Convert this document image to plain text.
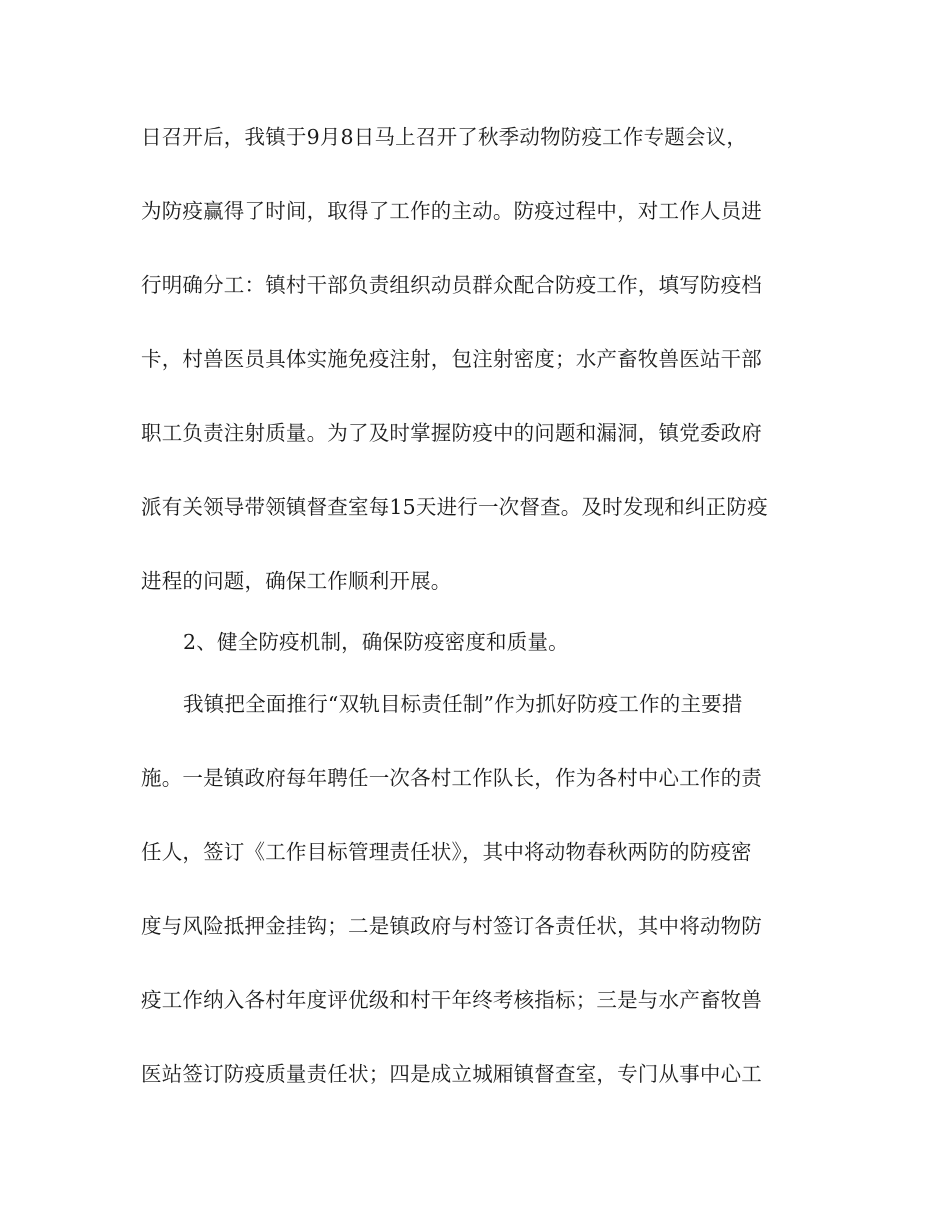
日召开后，我镇于9月8日马上召开了秋季动物防疫工作专题会议，
为防疫赢得了时间，取得了工作的主动。防疫过程中，对工作人员进
行明确分工：镇村干部负责组织动员群众配合防疫工作，填写防疫档
卡，村兽医员具体实施免疫注射，包注射密度；水产畜牧兽医站干部
职工负责注射质量。为了及时掌握防疫中的问题和漏洞，镇党委政府
派有关领导带领镇督查室每15天进行一次督查。及时发现和纠正防疫
进程的问题，确保工作顺利开展。
2、健全防疫机制，确保防疫密度和质量。
我镇把全面推行“双轨目标责任制”作为抓好防疫工作的主要措
施。一是镇政府每年聘任一次各村工作队长，作为各村中心工作的责
任人，签订《工作目标管理责任状》，其中将动物春秋两防的防疫密
度与风险抵押金挂钩；二是镇政府与村签订各责任状，其中将动物防
疫工作纳入各村年度评优级和村干年终考核指标；三是与水产畜牧兽
医站签订防疫质量责任状；四是成立城厢镇督查室，专门从事中心工
